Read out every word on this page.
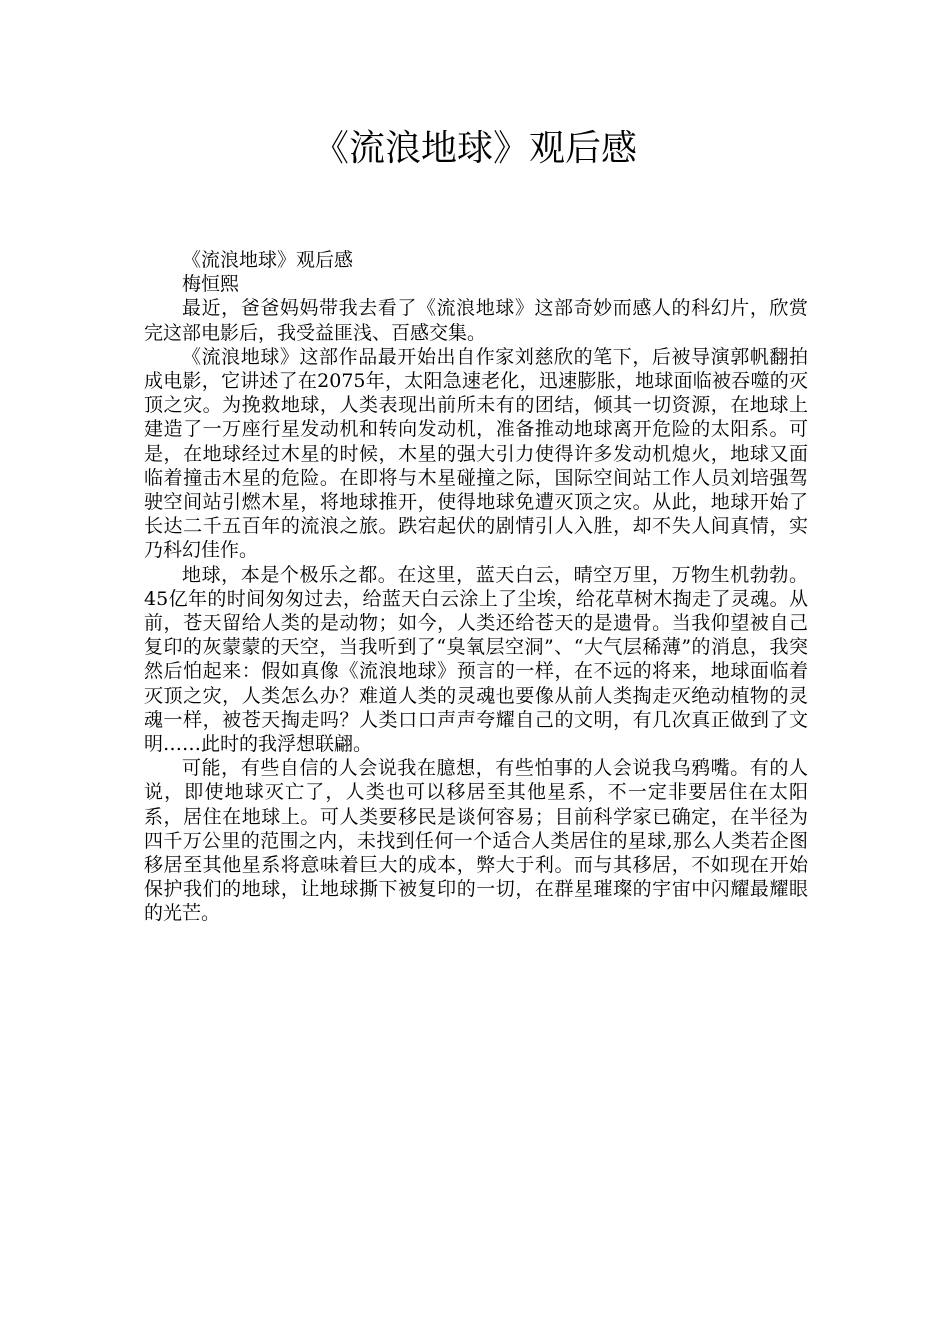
《流浪地球》观后感

《流浪地球》观后感

梅恒熙

最近，爸爸妈妈带我去看了《流浪地球》这部奇妙而感人的科幻片，欣赏完这部电影后，我受益匪浅、百感交集。

《流浪地球》这部作品最开始出自作家刘慈欣的笔下，后被导演郭帆翻拍成电影，它讲述了在2075年，太阳急速老化，迅速膨胀，地球面临被吞噬的灭顶之灾。为挽救地球，人类表现出前所未有的团结，倾其一切资源，在地球上建造了一万座行星发动机和转向发动机，准备推动地球离开危险的太阳系。可是，在地球经过木星的时候，木星的强大引力使得许多发动机熄火，地球又面临着撞击木星的危险。在即将与木星碰撞之际，国际空间站工作人员刘培强驾驶空间站引燃木星，将地球推开，使得地球免遭灭顶之灾。从此，地球开始了长达二千五百年的流浪之旅。跌宕起伏的剧情引人入胜，却不失人间真情，实乃科幻佳作。

地球，本是个极乐之都。在这里，蓝天白云，晴空万里，万物生机勃勃。45亿年的时间匆匆过去，给蓝天白云涂上了尘埃，给花草树木掏走了灵魂。从前，苍天留给人类的是动物；如今，人类还给苍天的是遗骨。当我仰望被自己复印的灰蒙蒙的天空，当我听到了“臭氧层空洞”、“大气层稀薄”的消息，我突然后怕起来：假如真像《流浪地球》预言的一样，在不远的将来，地球面临着灭顶之灾，人类怎么办？难道人类的灵魂也要像从前人类掏走灭绝动植物的灵魂一样，被苍天掏走吗？人类口口声声夸耀自己的文明，有几次真正做到了文明……此时的我浮想联翩。

可能，有些自信的人会说我在臆想，有些怕事的人会说我乌鸦嘴。有的人说，即使地球灭亡了，人类也可以移居至其他星系，不一定非要居住在太阳系，居住在地球上。可人类要移民是谈何容易；目前科学家已确定，在半径为四千万公里的范围之内，未找到任何一个适合人类居住的星球,那么人类若企图移居至其他星系将意味着巨大的成本，弊大于利。而与其移居，不如现在开始保护我们的地球，让地球撕下被复印的一切，在群星璀璨的宇宙中闪耀最耀眼的光芒。
